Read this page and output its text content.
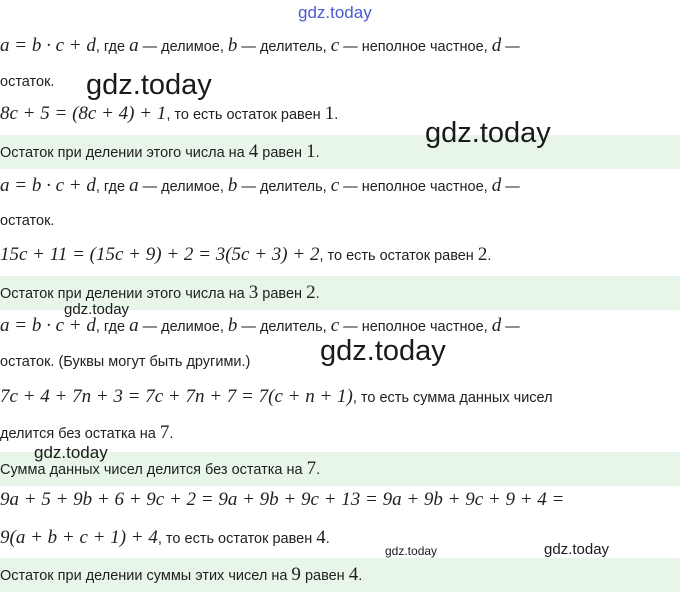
a = b · c + d, где a — делимое, b — делитель, c — неполное частное, d —
остаток.
8c + 5 = (8c + 4) + 1, то есть остаток равен 1.
Остаток при делении этого числа на 4 равен 1.
a = b · c + d, где a — делимое, b — делитель, c — неполное частное, d —
остаток.
15c + 11 = (15c + 9) + 2 = 3(5c + 3) + 2, то есть остаток равен 2.
Остаток при делении этого числа на 3 равен 2.
a = b · c + d, где a — делимое, b — делитель, c — неполное частное, d —
остаток. (Буквы могут быть другими.)
7c + 4 + 7n + 3 = 7c + 7n + 7 = 7(c + n + 1), то есть сумма данных чисел
делится без остатка на 7.
Сумма данных чисел делится без остатка на 7.
9a + 5 + 9b + 6 + 9c + 2 = 9a + 9b + 9c + 13 = 9a + 9b + 9c + 9 + 4 =
9(a + b + c + 1) + 4, то есть остаток равен 4.
Остаток при делении суммы этих чисел на 9 равен 4.
gdz.today
gdz.today
gdz.today
gdz.today
gdz.today
gdz.today
gdz.today	gdz.today
